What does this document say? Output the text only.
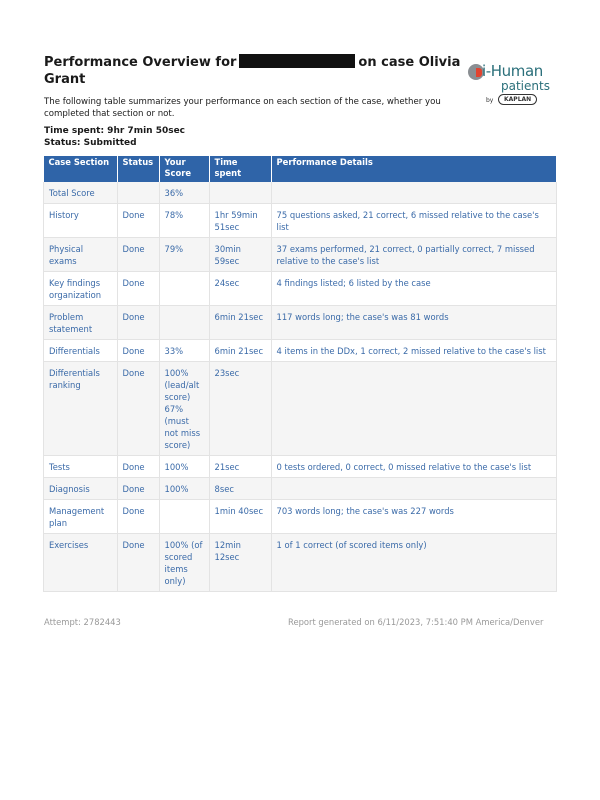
Performance Overview for	on case Olivia Grant	i-Human
patients
by	KAPLAN
The following table summarizes your performance on each section of the case, whether you completed that section or not.
Time spent: 9hr 7min 50sec
Status: Submitted
Case Section	Status	Your Score	Time spent	Performance Details
Total Score		36%		
History	Done	78%	1hr 59min 51sec	75 questions asked, 21 correct, 6 missed relative to the case's list
Physical exams	Done	79%	30min 59sec	37 exams performed, 21 correct, 0 partially correct, 7 missed relative to the case's list
Key findings organization	Done		24sec	4 findings listed; 6 listed by the case
Problem statement	Done		6min 21sec	117 words long; the case's was 81 words
Differentials	Done	33%	6min 21sec	4 items in the DDx, 1 correct, 2 missed relative to the case's list
Differentials ranking	Done	100% (lead/alt score) 67% (must not miss score)	23sec	
Tests	Done	100%	21sec	0 tests ordered, 0 correct, 0 missed relative to the case's list
Diagnosis	Done	100%	8sec	
Management plan	Done		1min 40sec	703 words long; the case's was 227 words
Exercises	Done	100% (of scored items only)	12min 12sec	1 of 1 correct (of scored items only)
Attempt: 2782443	Report generated on 6/11/2023, 7:51:40 PM America/Denver
